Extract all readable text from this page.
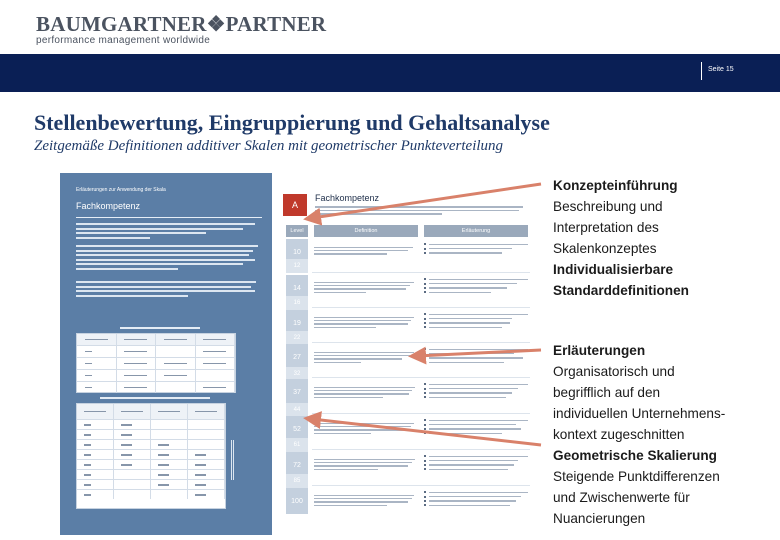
BAUMGARTNER❖PARTNER
performance management worldwide
Seite 15
Stellenbewertung, Eingruppierung und Gehaltsanalyse
Zeitgemäße Definitionen additiver Skalen mit geometrischer Punkteverteilung
Erläuterungen zur Anwendung der Skala
Fachkompetenz	A
Fachkompetenz
Level	Definition	Erläuterung
10
12
14
16
19
22
27
32
37
44
52
61
72
85
100
Konzepteinführung
Beschreibung und
Interpretation des
Skalenkonzeptes
Individualisierbare
Standarddefinitionen
Erläuterungen
Organisatorisch und
begrifflich auf den
individuellen Unternehmens-
kontext zugeschnitten
Geometrische Skalierung
Steigende Punktdifferenzen
und Zwischenwerte für
Nuancierungen
